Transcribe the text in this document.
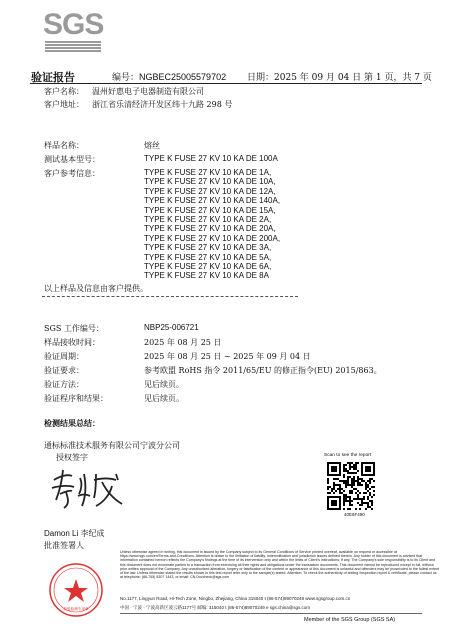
SGS
验证报告	编号：NGBEC25005579702 日期：2025 年 09 月 04 日 第 1 页，共 7 页
客户名称： 温州好惠电子电器制造有限公司
客户地址： 浙江省乐清经济开发区纬十九路 298 号
样品名称：	熔丝
测试基本型号：	TYPE K FUSE 27 KV 10 KA DE 100A
客户参考信息：	TYPE K FUSE 27 KV 10 KA DE 1A,
TYPE K FUSE 27 KV 10 KA DE 10A,
TYPE K FUSE 27 KV 10 KA DE 12A,
TYPE K FUSE 27 KV 10 KA DE 140A,
TYPE K FUSE 27 KV 10 KA DE 15A,
TYPE K FUSE 27 KV 10 KA DE 2A,
TYPE K FUSE 27 KV 10 KA DE 20A,
TYPE K FUSE 27 KV 10 KA DE 200A,
TYPE K FUSE 27 KV 10 KA DE 3A,
TYPE K FUSE 27 KV 10 KA DE 5A,
TYPE K FUSE 27 KV 10 KA DE 6A,
TYPE K FUSE 27 KV 10 KA DE 8A
以上样品及信息由客户提供。
SGS 工作编号：	NBP25-006721
样品接收时间：	2025 年 08 月 25 日
验证周期：	2025 年 08 月 25 日 ~ 2025 年 09 月 04 日
验证要求：	参考欧盟 RoHS 指令 2011/65/EU 的修正指令(EU) 2015/863。
验证方法：	见后续页。
验证程序和结果：	见后续页。
检测结果总结：
通标标准技术服务有限公司宁波分公司
授权签字
Damon Li 李纪成
批准签署人
Scan to see the report
40E6F490
检验检测专用章
Unless otherwise agreed in writing, this document is issued by the Company subject to its General Conditions of Service printed overleaf, available on request or accessible at https://www.sgs.com/en/Terms-and-Conditions. Attention is drawn to the limitation of liability, indemnification and jurisdiction issues defined therein. Any holder of this document is advised that information contained hereon reflects the Company's findings at the time of its intervention only and within the limits of Client's instructions, if any. The Company's sole responsibility is to its Client and this document does not exonerate parties to a transaction from exercising all their rights and obligations under the transaction documents. This document cannot be reproduced except in full, without prior written approval of the Company. Any unauthorized alteration, forgery or falsification of the content or appearance of this document is unlawful and offenders may be prosecuted to the fullest extent of the law. Unless otherwise stated the results shown in this test report refer only to the sample(s) tested. Attention: To check the authenticity of testing /inspection report & certificate, please contact us at telephone: (86-755) 8307 1443, or email: CN.Doccheck@sgs.com
No.1177, Lingyun Road, Hi-Tech Zone, Ningbo, Zhejiang, China 315040 t (86-574)89070249 www.sgsgroup.com.cn
中国 · 宁波 · 宁波高新区凌云路1177号 邮编: 315040 t (86-574)89070249 e sgs.china@sgs.com
Member of the SGS Group (SGS SA)
